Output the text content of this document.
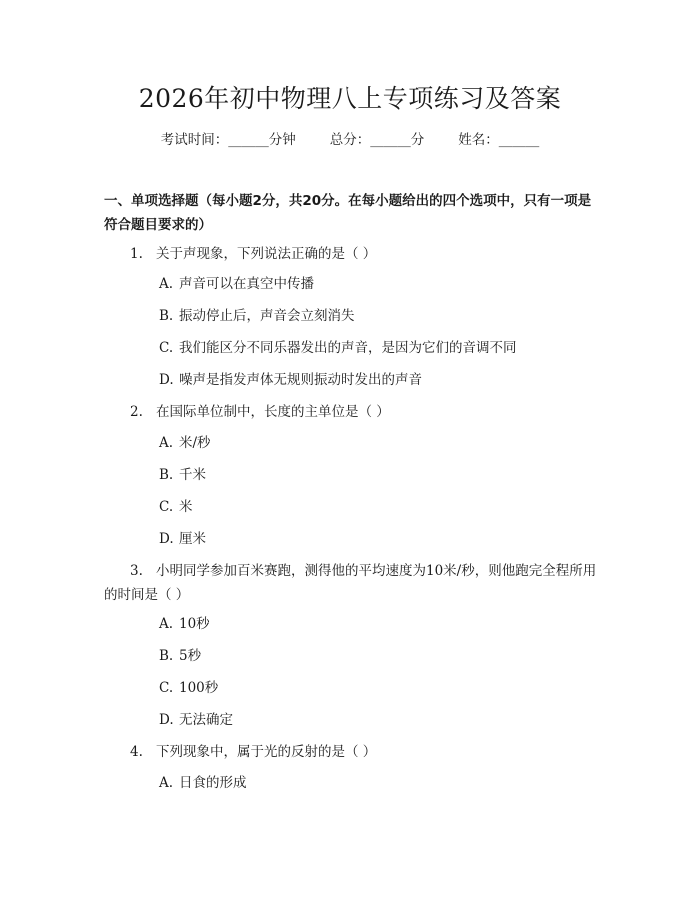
2026年初中物理八上专项练习及答案
考试时间：______分钟	总分：______分	姓名：______
一、单项选择题（每小题2分，共20分。在每小题给出的四个选项中，只有一项是符合题目要求的）
1. 关于声现象，下列说法正确的是（ ）
A. 声音可以在真空中传播
B. 振动停止后，声音会立刻消失
C. 我们能区分不同乐器发出的声音，是因为它们的音调不同
D. 噪声是指发声体无规则振动时发出的声音
2. 在国际单位制中，长度的主单位是（ ）
A. 米/秒
B. 千米
C. 米
D. 厘米
3. 小明同学参加百米赛跑，测得他的平均速度为10米/秒，则他跑完全程所用的时间是（ ）
A. 10秒
B. 5秒
C. 100秒
D. 无法确定
4. 下列现象中，属于光的反射的是（ ）
A. 日食的形成
